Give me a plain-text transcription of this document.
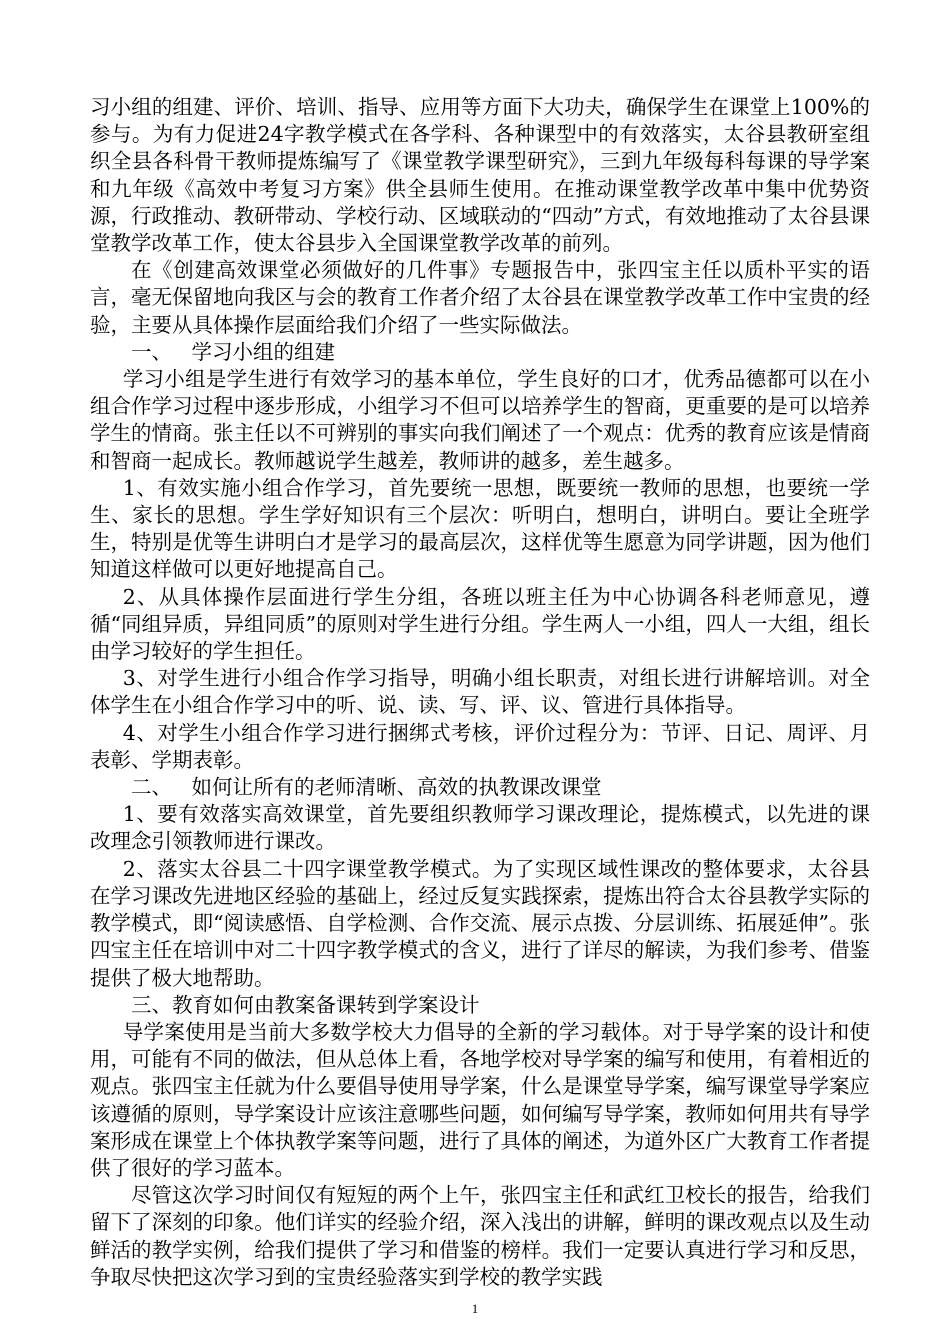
习小组的组建、评价、培训、指导、应用等方面下大功夫，确保学生在课堂上100%的参与。为有力促进24字教学模式在各学科、各种课型中的有效落实，太谷县教研室组织全县各科骨干教师提炼编写了《课堂教学课型研究》，三到九年级每科每课的导学案和九年级《高效中考复习方案》供全县师生使用。在推动课堂教学改革中集中优势资源，行政推动、教研带动、学校行动、区域联动的“四动”方式，有效地推动了太谷县课堂教学改革工作，使太谷县步入全国课堂教学改革的前列。

在《创建高效课堂必须做好的几件事》专题报告中，张四宝主任以质朴平实的语言，毫无保留地向我区与会的教育工作者介绍了太谷县在课堂教学改革工作中宝贵的经验，主要从具体操作层面给我们介绍了一些实际做法。

一、   学习小组的组建

学习小组是学生进行有效学习的基本单位，学生良好的口才，优秀品德都可以在小组合作学习过程中逐步形成，小组学习不但可以培养学生的智商，更重要的是可以培养学生的情商。张主任以不可辨别的事实向我们阐述了一个观点：优秀的教育应该是情商和智商一起成长。教师越说学生越差，教师讲的越多，差生越多。

1、有效实施小组合作学习，首先要统一思想，既要统一教师的思想，也要统一学生、家长的思想。学生学好知识有三个层次：听明白，想明白，讲明白。要让全班学生，特别是优等生讲明白才是学习的最高层次，这样优等生愿意为同学讲题，因为他们知道这样做可以更好地提高自己。

2、从具体操作层面进行学生分组，各班以班主任为中心协调各科老师意见，遵循“同组异质，异组同质”的原则对学生进行分组。学生两人一小组，四人一大组，组长由学习较好的学生担任。

3、对学生进行小组合作学习指导，明确小组长职责，对组长进行讲解培训。对全体学生在小组合作学习中的听、说、读、写、评、议、管进行具体指导。

4、对学生小组合作学习进行捆绑式考核，评价过程分为：节评、日记、周评、月表彰、学期表彰。

二、   如何让所有的老师清晰、高效的执教课改课堂

1、要有效落实高效课堂，首先要组织教师学习课改理论，提炼模式，以先进的课改理念引领教师进行课改。

2、落实太谷县二十四字课堂教学模式。为了实现区域性课改的整体要求，太谷县在学习课改先进地区经验的基础上，经过反复实践探索，提炼出符合太谷县教学实际的教学模式，即“阅读感悟、自学检测、合作交流、展示点拨、分层训练、拓展延伸”。张四宝主任在培训中对二十四字教学模式的含义，进行了详尽的解读，为我们参考、借鉴提供了极大地帮助。

三、教育如何由教案备课转到学案设计

导学案使用是当前大多数学校大力倡导的全新的学习载体。对于导学案的设计和使用，可能有不同的做法，但从总体上看，各地学校对导学案的编写和使用，有着相近的观点。张四宝主任就为什么要倡导使用导学案，什么是课堂导学案，编写课堂导学案应该遵循的原则，导学案设计应该注意哪些问题，如何编写导学案，教师如何用共有导学案形成在课堂上个体执教学案等问题，进行了具体的阐述，为道外区广大教育工作者提供了很好的学习蓝本。

尽管这次学习时间仅有短短的两个上午，张四宝主任和武红卫校长的报告，给我们留下了深刻的印象。他们详实的经验介绍，深入浅出的讲解，鲜明的课改观点以及生动鲜活的教学实例，给我们提供了学习和借鉴的榜样。我们一定要认真进行学习和反思，争取尽快把这次学习到的宝贵经验落实到学校的教学实践

1
